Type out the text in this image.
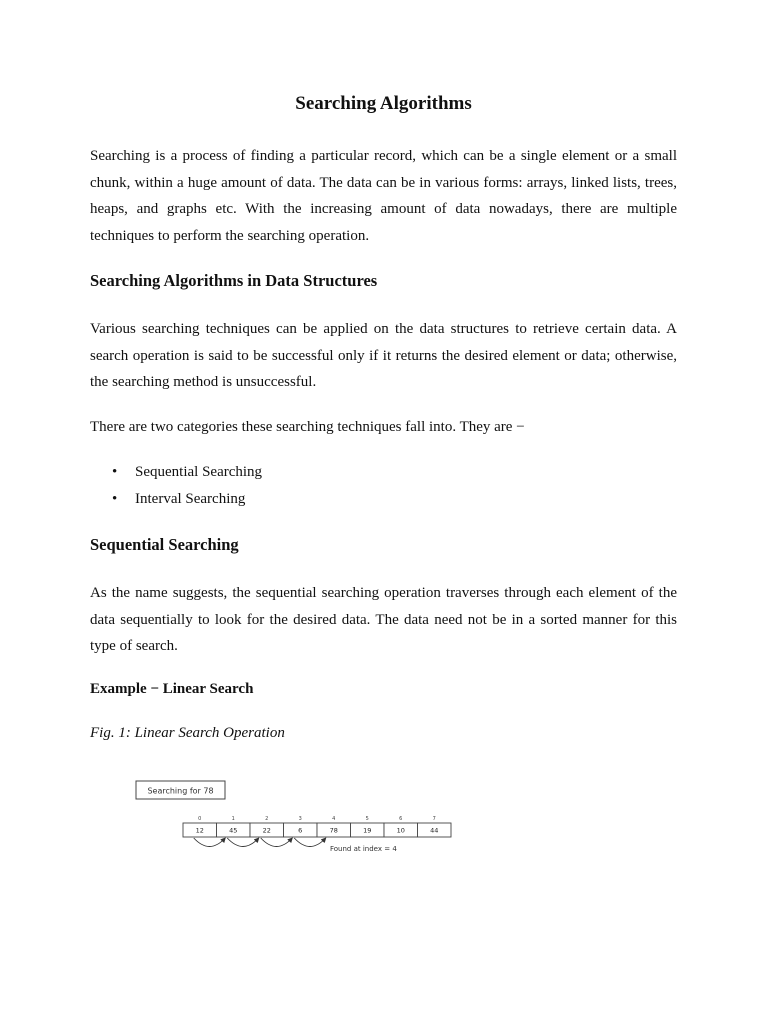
Searching Algorithms

Searching is a process of finding a particular record, which can be a single element or a small chunk, within a huge amount of data. The data can be in various forms: arrays, linked lists, trees, heaps, and graphs etc. With the increasing amount of data nowadays, there are multiple techniques to perform the searching operation.

Searching Algorithms in Data Structures

Various searching techniques can be applied on the data structures to retrieve certain data. A search operation is said to be successful only if it returns the desired element or data; otherwise, the searching method is unsuccessful.

There are two categories these searching techniques fall into. They are −

• Sequential Searching
• Interval Searching
Sequential Searching

As the name suggests, the sequential searching operation traverses through each element of the data sequentially to look for the desired data. The data need not be in a sorted manner for this type of search.

Example − Linear Search

Fig. 1: Linear Search Operation

Searching for 78
0
12
1
45
2
22
3
6
4
78
5
19
6
10
7
44
Found at index = 4
